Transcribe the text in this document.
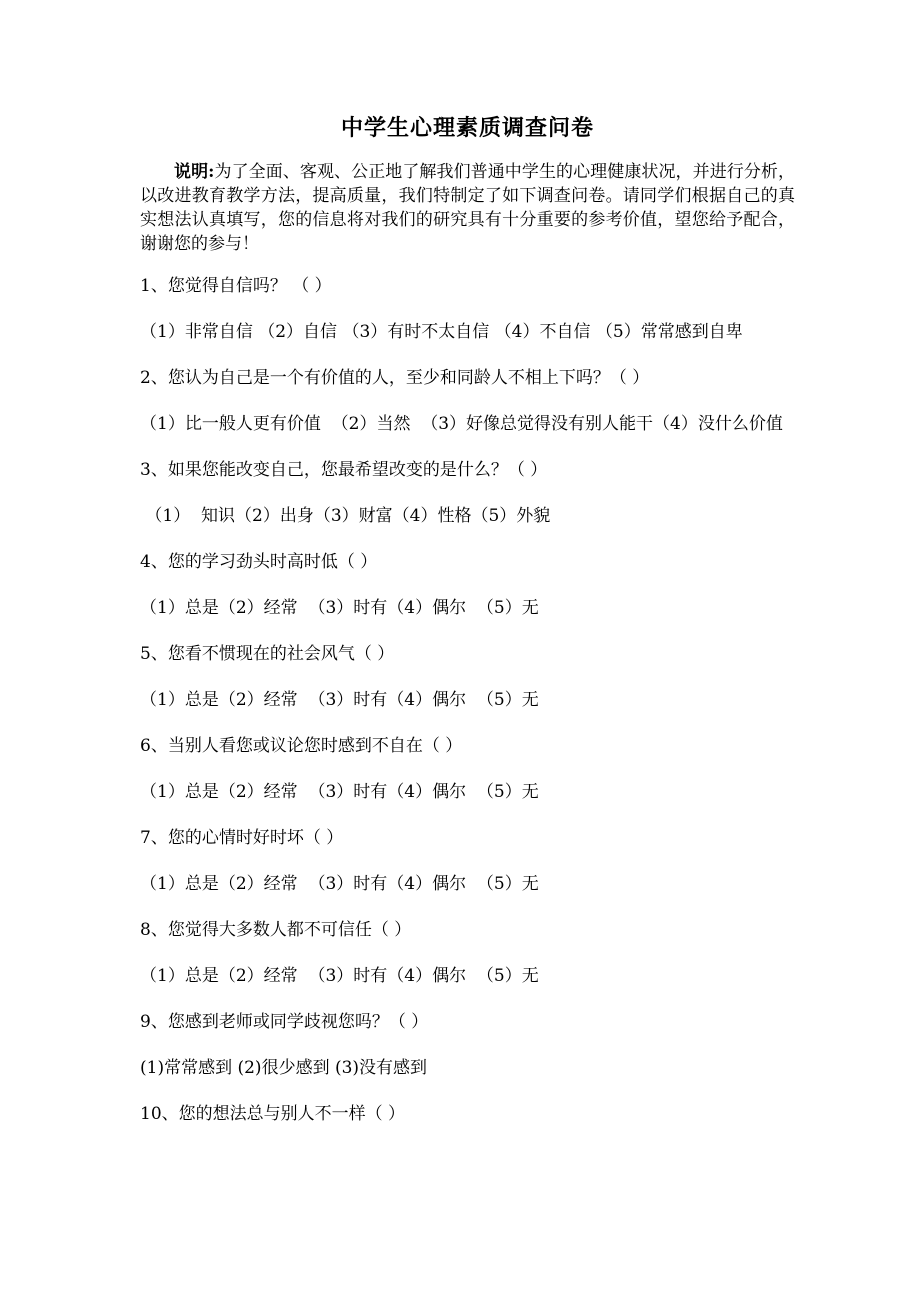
中学生心理素质调查问卷

说明:为了全面、客观、公正地了解我们普通中学生的心理健康状况，并进行分析，以改进教育教学方法，提高质量，我们特制定了如下调查问卷。请同学们根据自己的真实想法认真填写，您的信息将对我们的研究具有十分重要的参考价值，望您给予配合，谢谢您的参与！

1、您觉得自信吗？ （ ）
（1）非常自信 （2）自信 （3）有时不太自信 （4）不自信 （5）常常感到自卑
2、您认为自己是一个有价值的人，至少和同龄人不相上下吗？（ ）
（1）比一般人更有价值  （2）当然  （3）好像总觉得没有别人能干（4）没什么价值
3、如果您能改变自己，您最希望改变的是什么？（ ）
（1）  知识（2）出身（3）财富（4）性格（5）外貌
4、您的学习劲头时高时低（ ）
（1）总是（2）经常  （3）时有（4）偶尔  （5）无
5、您看不惯现在的社会风气（ ）
（1）总是（2）经常  （3）时有（4）偶尔  （5）无
6、当别人看您或议论您时感到不自在（ ）
（1）总是（2）经常  （3）时有（4）偶尔  （5）无
7、您的心情时好时坏（ ）
（1）总是（2）经常  （3）时有（4）偶尔  （5）无
8、您觉得大多数人都不可信任（ ）
（1）总是（2）经常  （3）时有（4）偶尔  （5）无
9、您感到老师或同学歧视您吗？（ ）
(1)常常感到 (2)很少感到 (3)没有感到
10、您的想法总与别人不一样（ ）
